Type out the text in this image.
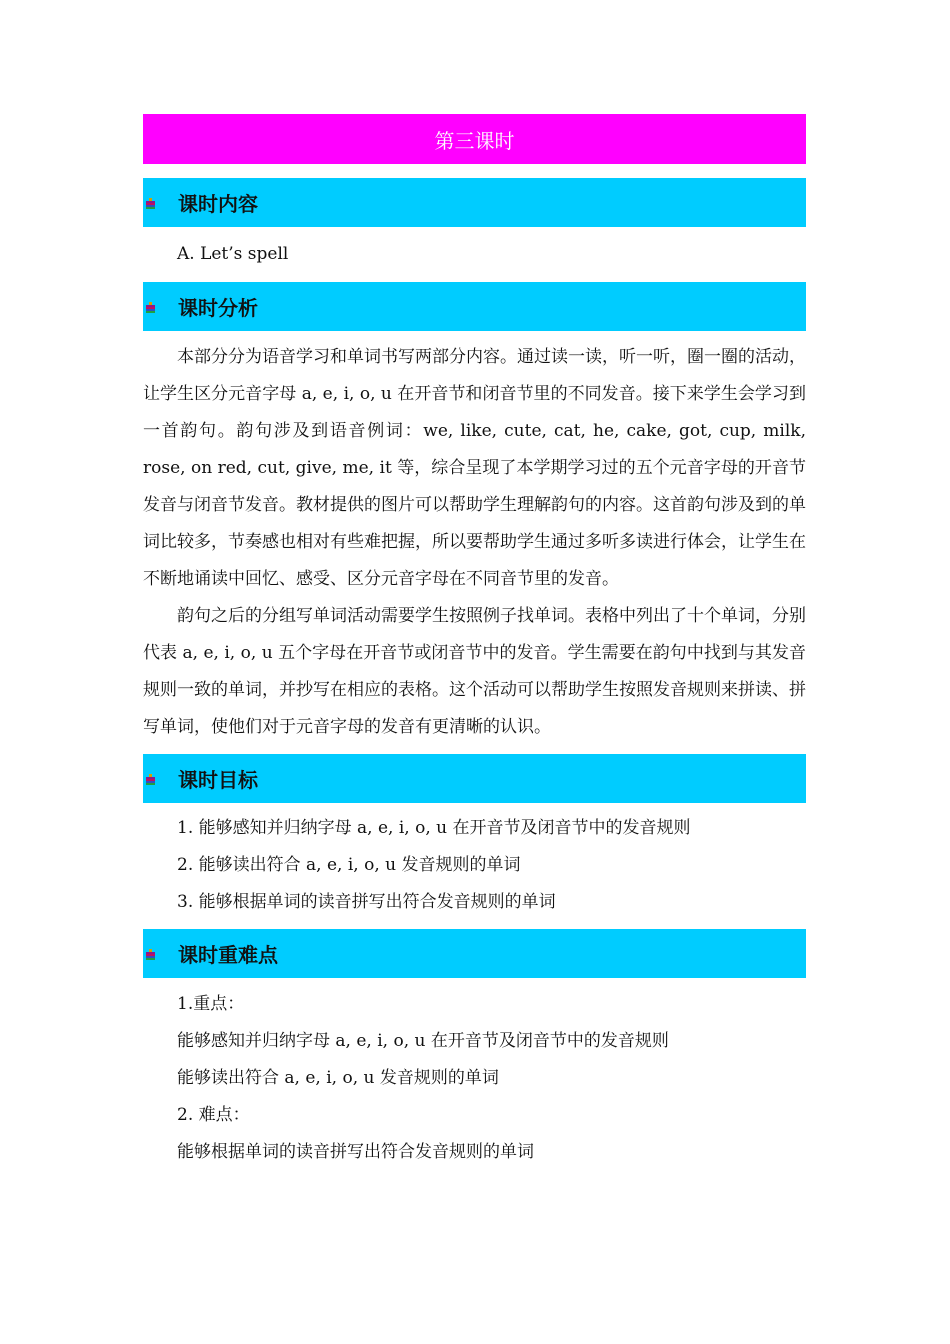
第三课时
课时内容
A. Let’s spell
课时分析

本部分分为语音学习和单词书写两部分内容。通过读一读，听一听，圈一圈的活动，让学生区分元音字母 a, e, i, o, u 在开音节和闭音节里的不同发音。接下来学生会学习到一首韵句。韵句涉及到语音例词：we, like, cute, cat, he, cake, got, cup, milk, rose, on red, cut, give, me, it 等，综合呈现了本学期学习过的五个元音字母的开音节发音与闭音节发音。教材提供的图片可以帮助学生理解韵句的内容。这首韵句涉及到的单词比较多，节奏感也相对有些难把握，所以要帮助学生通过多听多读进行体会，让学生在不断地诵读中回忆、感受、区分元音字母在不同音节里的发音。

韵句之后的分组写单词活动需要学生按照例子找单词。表格中列出了十个单词，分别代表 a, e, i, o, u 五个字母在开音节或闭音节中的发音。学生需要在韵句中找到与其发音规则一致的单词，并抄写在相应的表格。这个活动可以帮助学生按照发音规则来拼读、拼写单词，使他们对于元音字母的发音有更清晰的认识。

课时目标
1. 能够感知并归纳字母 a, e, i, o, u 在开音节及闭音节中的发音规则
2. 能够读出符合 a, e, i, o, u 发音规则的单词
3. 能够根据单词的读音拼写出符合发音规则的单词
课时重难点
1.重点：
能够感知并归纳字母 a, e, i, o, u 在开音节及闭音节中的发音规则
能够读出符合 a, e, i, o, u 发音规则的单词
2. 难点：
能够根据单词的读音拼写出符合发音规则的单词
